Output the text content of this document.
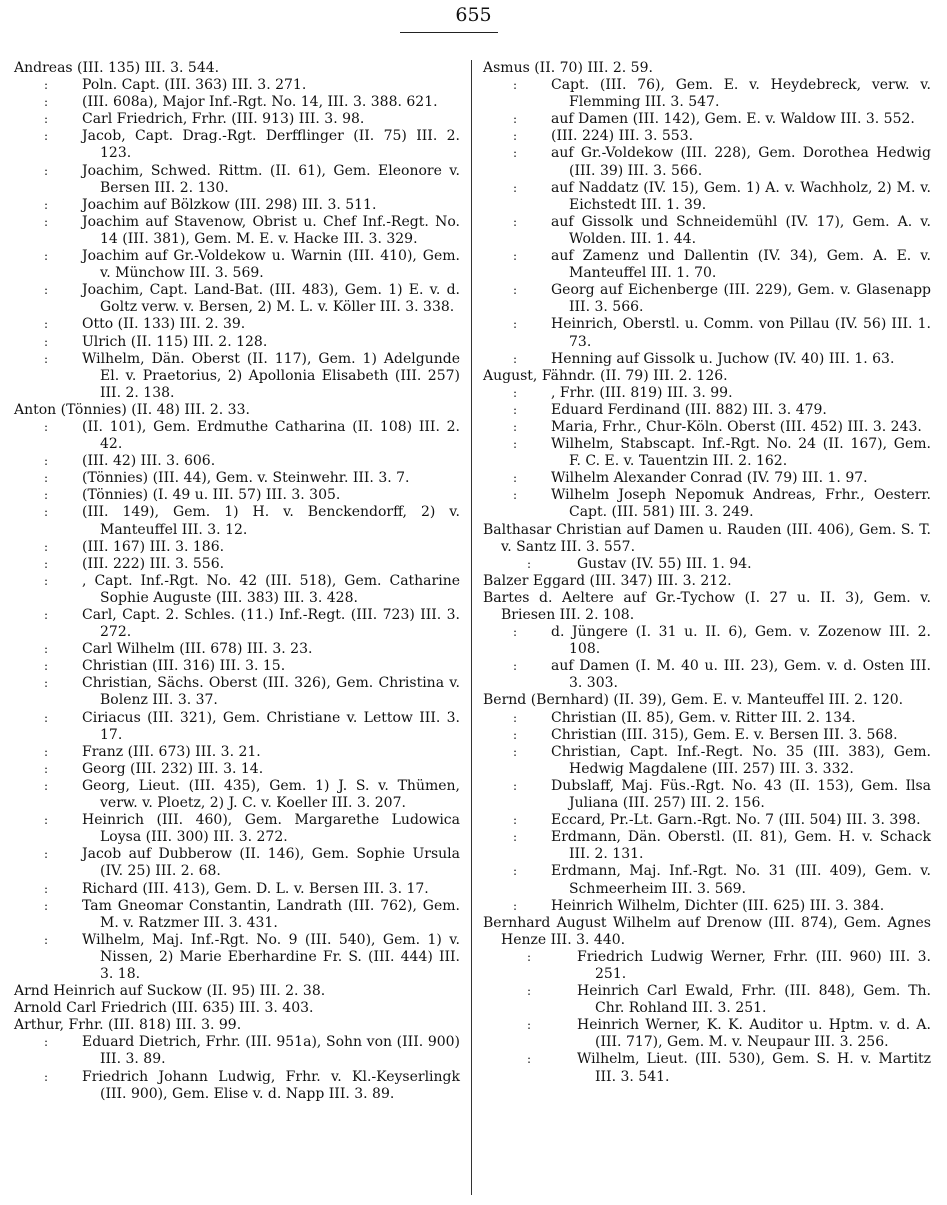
655
Andreas (III. 135) III. 3. 544.
:	Poln. Capt. (III. 363) III. 3. 271.
:	(III. 608a), Major Inf.-Rgt. No. 14, III. 3. 388. 621.
:	Carl Friedrich, Frhr. (III. 913) III. 3. 98.
:	Jacob, Capt. Drag.-Rgt. Derfflinger (II. 75) III. 2. 123.
:	Joachim, Schwed. Rittm. (II. 61), Gem. Eleonore v. Bersen III. 2. 130.
:	Joachim auf Bölzkow (III. 298) III. 3. 511.
:	Joachim auf Stavenow, Obrist u. Chef Inf.-Regt. No. 14 (III. 381), Gem. M. E. v. Hacke III. 3. 329.
:	Joachim auf Gr.-Voldekow u. Warnin (III. 410), Gem. v. Münchow III. 3. 569.
:	Joachim, Capt. Land-Bat. (III. 483), Gem. 1) E. v. d. Goltz verw. v. Bersen, 2) M. L. v. Köller III. 3. 338.
:	Otto (II. 133) III. 2. 39.
:	Ulrich (II. 115) III. 2. 128.
:	Wilhelm, Dän. Oberst (II. 117), Gem. 1) Adelgunde El. v. Praetorius, 2) Apollonia Elisabeth (III. 257) III. 2. 138.
Anton (Tönnies) (II. 48) III. 2. 33.
:	(II. 101), Gem. Erdmuthe Catharina (II. 108) III. 2. 42.
:	(III. 42) III. 3. 606.
:	(Tönnies) (III. 44), Gem. v. Steinwehr. III. 3. 7.
:	(Tönnies) (I. 49 u. III. 57) III. 3. 305.
:	(III. 149), Gem. 1) H. v. Benckendorff, 2) v. Manteuffel III. 3. 12.
:	(III. 167) III. 3. 186.
:	(III. 222) III. 3. 556.
:	, Capt. Inf.-Rgt. No. 42 (III. 518), Gem. Catharine Sophie Auguste (III. 383) III. 3. 428.
:	Carl, Capt. 2. Schles. (11.) Inf.-Regt. (III. 723) III. 3. 272.
:	Carl Wilhelm (III. 678) III. 3. 23.
:	Christian (III. 316) III. 3. 15.
:	Christian, Sächs. Oberst (III. 326), Gem. Christina v. Bolenz III. 3. 37.
:	Ciriacus (III. 321), Gem. Christiane v. Lettow III. 3. 17.
:	Franz (III. 673) III. 3. 21.
:	Georg (III. 232) III. 3. 14.
:	Georg, Lieut. (III. 435), Gem. 1) J. S. v. Thümen, verw. v. Ploetz, 2) J. C. v. Koeller III. 3. 207.
:	Heinrich (III. 460), Gem. Margarethe Ludowica Loysa (III. 300) III. 3. 272.
:	Jacob auf Dubberow (II. 146), Gem. Sophie Ursula (IV. 25) III. 2. 68.
:	Richard (III. 413), Gem. D. L. v. Bersen III. 3. 17.
:	Tam Gneomar Constantin, Landrath (III. 762), Gem. M. v. Ratzmer III. 3. 431.
:	Wilhelm, Maj. Inf.-Rgt. No. 9 (III. 540), Gem. 1) v. Nissen, 2) Marie Eberhardine Fr. S. (III. 444) III. 3. 18.
Arnd Heinrich auf Suckow (II. 95) III. 2. 38.
Arnold Carl Friedrich (III. 635) III. 3. 403.
Arthur, Frhr. (III. 818) III. 3. 99.
:	Eduard Dietrich, Frhr. (III. 951a), Sohn von (III. 900) III. 3. 89.
:	Friedrich Johann Ludwig, Frhr. v. Kl.-Keyserlingk (III. 900), Gem. Elise v. d. Napp III. 3. 89.
Asmus (II. 70) III. 2. 59.
:	Capt. (III. 76), Gem. E. v. Heydebreck, verw. v. Flemming III. 3. 547.
:	auf Damen (III. 142), Gem. E. v. Waldow III. 3. 552.
:	(III. 224) III. 3. 553.
:	auf Gr.-Voldekow (III. 228), Gem. Dorothea Hedwig (III. 39) III. 3. 566.
:	auf Naddatz (IV. 15), Gem. 1) A. v. Wachholz, 2) M. v. Eichstedt III. 1. 39.
:	auf Gissolk und Schneidemühl (IV. 17), Gem. A. v. Wolden. III. 1. 44.
:	auf Zamenz und Dallentin (IV. 34), Gem. A. E. v. Manteuffel III. 1. 70.
:	Georg auf Eichenberge (III. 229), Gem. v. Glasenapp III. 3. 566.
:	Heinrich, Oberstl. u. Comm. von Pillau (IV. 56) III. 1. 73.
:	Henning auf Gissolk u. Juchow (IV. 40) III. 1. 63.
August, Fähndr. (II. 79) III. 2. 126.
:	, Frhr. (III. 819) III. 3. 99.
:	Eduard Ferdinand (III. 882) III. 3. 479.
:	Maria, Frhr., Chur-Köln. Oberst (III. 452) III. 3. 243.
:	Wilhelm, Stabscapt. Inf.-Rgt. No. 24 (II. 167), Gem. F. C. E. v. Tauentzin III. 2. 162.
:	Wilhelm Alexander Conrad (IV. 79) III. 1. 97.
:	Wilhelm Joseph Nepomuk Andreas, Frhr., Oesterr. Capt. (III. 581) III. 3. 249.
Balthasar Christian auf Damen u. Rauden (III. 406), Gem. S. T. v. Santz III. 3. 557.
:	Gustav (IV. 55) III. 1. 94.
Balzer Eggard (III. 347) III. 3. 212.
Bartes d. Aeltere auf Gr.-Tychow (I. 27 u. II. 3), Gem. v. Briesen III. 2. 108.
:	d. Jüngere (I. 31 u. II. 6), Gem. v. Zozenow III. 2. 108.
:	auf Damen (I. M. 40 u. III. 23), Gem. v. d. Osten III. 3. 303.
Bernd (Bernhard) (II. 39), Gem. E. v. Manteuffel III. 2. 120.
:	Christian (II. 85), Gem. v. Ritter III. 2. 134.
:	Christian (III. 315), Gem. E. v. Bersen III. 3. 568.
:	Christian, Capt. Inf.-Regt. No. 35 (III. 383), Gem. Hedwig Magdalene (III. 257) III. 3. 332.
:	Dubslaff, Maj. Füs.-Rgt. No. 43 (II. 153), Gem. Ilsa Juliana (III. 257) III. 2. 156.
:	Eccard, Pr.-Lt. Garn.-Rgt. No. 7 (III. 504) III. 3. 398.
:	Erdmann, Dän. Oberstl. (II. 81), Gem. H. v. Schack III. 2. 131.
:	Erdmann, Maj. Inf.-Rgt. No. 31 (III. 409), Gem. v. Schmeerheim III. 3. 569.
:	Heinrich Wilhelm, Dichter (III. 625) III. 3. 384.
Bernhard August Wilhelm auf Drenow (III. 874), Gem. Agnes Henze III. 3. 440.
:	Friedrich Ludwig Werner, Frhr. (III. 960) III. 3. 251.
:	Heinrich Carl Ewald, Frhr. (III. 848), Gem. Th. Chr. Rohland III. 3. 251.
:	Heinrich Werner, K. K. Auditor u. Hptm. v. d. A. (III. 717), Gem. M. v. Neupaur III. 3. 256.
:	Wilhelm, Lieut. (III. 530), Gem. S. H. v. Martitz III. 3. 541.
